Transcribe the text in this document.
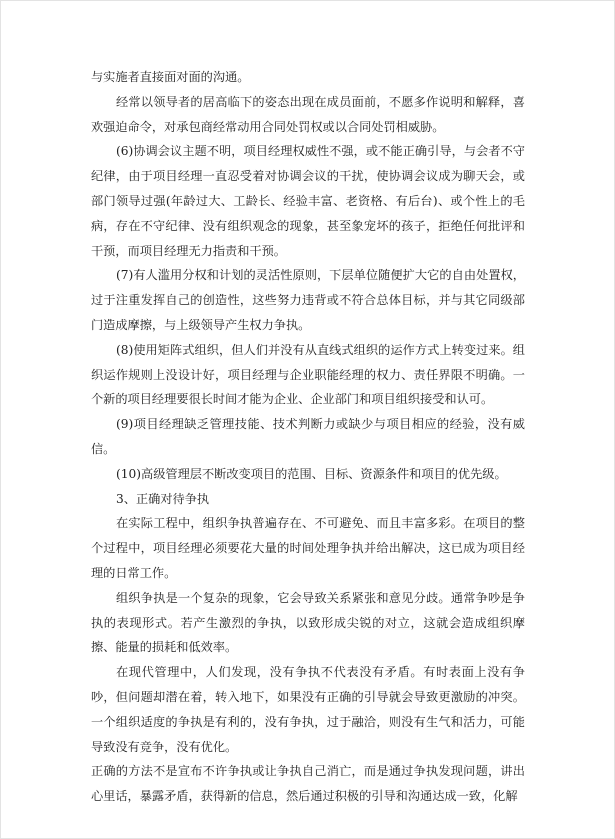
与实施者直接面对面的沟通。

经常以领导者的居高临下的姿态出现在成员面前，不愿多作说明和解释，喜欢强迫命令，对承包商经常动用合同处罚权或以合同处罚相威胁。

(6)协调会议主题不明，项目经理权威性不强，或不能正确引导，与会者不守纪律，由于项目经理一直忍受着对协调会议的干扰，使协调会议成为聊天会，或部门领导过强(年龄过大、工龄长、经验丰富、老资格、有后台)、或个性上的毛病，存在不守纪律、没有组织观念的现象，甚至象宠坏的孩子，拒绝任何批评和干预，而项目经理无力指责和干预。

(7)有人滥用分权和计划的灵活性原则，下层单位随便扩大它的自由处置权，过于注重发挥自己的创造性，这些努力违背或不符合总体目标，并与其它同级部门造成摩擦，与上级领导产生权力争执。

(8)使用矩阵式组织，但人们并没有从直线式组织的运作方式上转变过来。组织运作规则上没设计好，项目经理与企业职能经理的权力、责任界限不明确。一个新的项目经理要很长时间才能为企业、企业部门和项目组织接受和认可。

(9)项目经理缺乏管理技能、技术判断力或缺少与项目相应的经验，没有威信。

(10)高级管理层不断改变项目的范围、目标、资源条件和项目的优先级。

3、正确对待争执

在实际工程中，组织争执普遍存在、不可避免、而且丰富多彩。在项目的整个过程中，项目经理必须要花大量的时间处理争执并给出解决，这已成为项目经理的日常工作。

组织争执是一个复杂的现象，它会导致关系紧张和意见分歧。通常争吵是争执的表现形式。若产生激烈的争执，以致形成尖锐的对立，这就会造成组织摩擦、能量的损耗和低效率。

在现代管理中，人们发现，没有争执不代表没有矛盾。有时表面上没有争吵，但问题却潜在着，转入地下，如果没有正确的引导就会导致更激励的冲突。一个组织适度的争执是有利的，没有争执，过于融洽，则没有生气和活力，可能导致没有竞争，没有优化。

正确的方法不是宣布不许争执或让争执自己消亡，而是通过争执发现问题，讲出心里话，暴露矛盾，获得新的信息，然后通过积极的引导和沟通达成一致，化解
